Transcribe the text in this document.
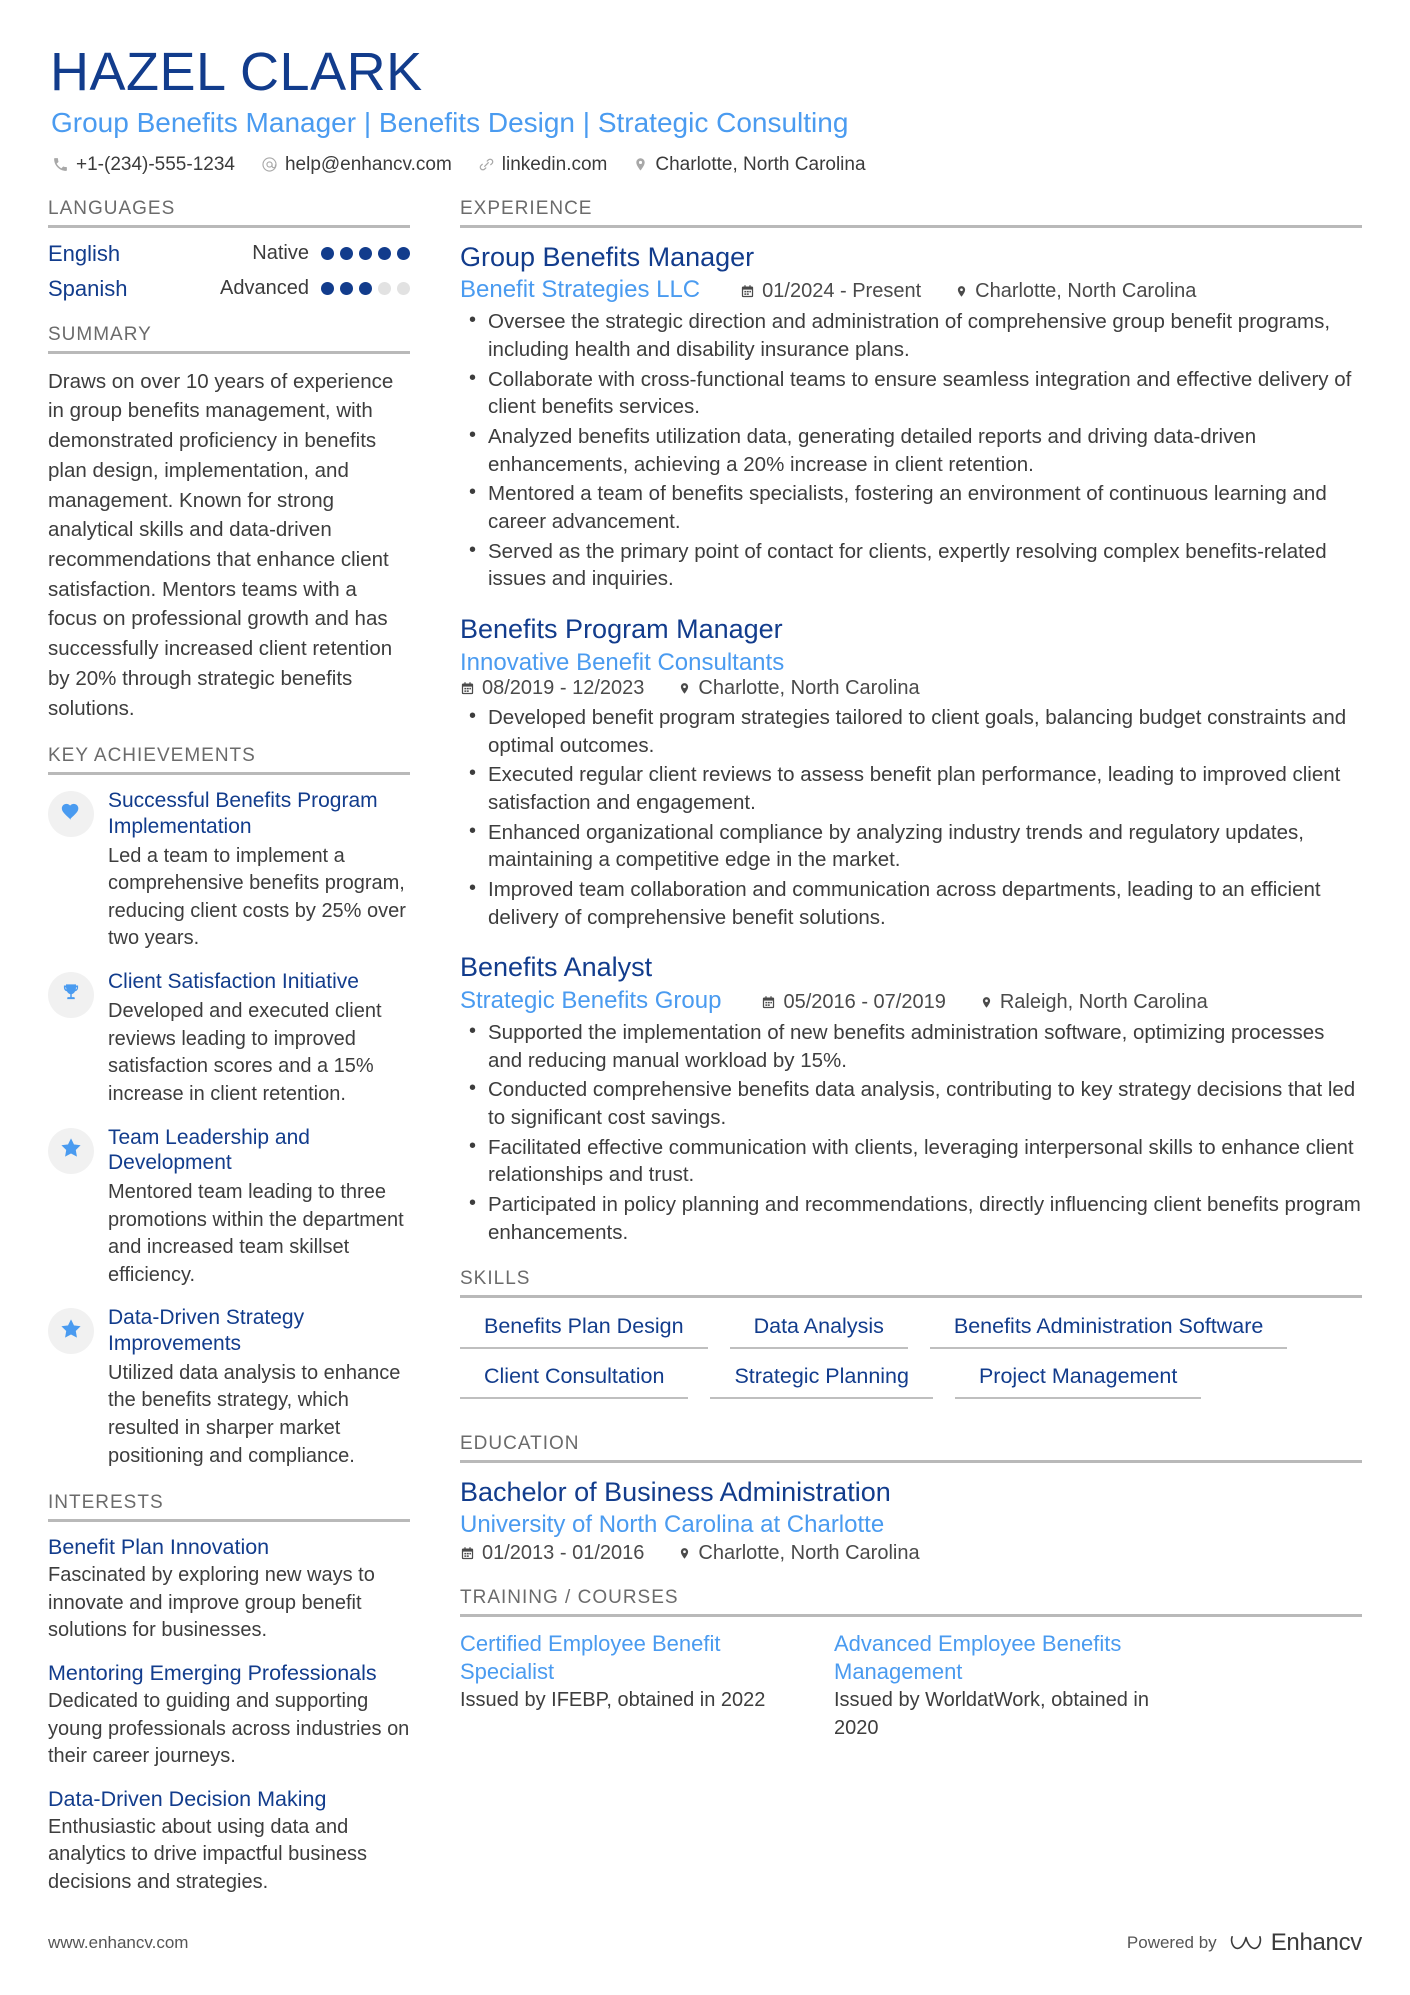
HAZEL CLARK
Group Benefits Manager | Benefits Design | Strategic Consulting
+1-(234)-555-1234	help@enhancv.com	linkedin.com	Charlotte, North Carolina
LANGUAGES
English	Native
Spanish	Advanced
SUMMARY
Draws on over 10 years of experience in group benefits management, with demonstrated proficiency in benefits plan design, implementation, and management. Known for strong analytical skills and data-driven recommendations that enhance client satisfaction. Mentors teams with a focus on professional growth and has successfully increased client retention by 20% through strategic benefits solutions.
KEY ACHIEVEMENTS
Successful Benefits Program Implementation
Led a team to implement a comprehensive benefits program, reducing client costs by 25% over two years.
Client Satisfaction Initiative
Developed and executed client reviews leading to improved satisfaction scores and a 15% increase in client retention.
Team Leadership and Development
Mentored team leading to three promotions within the department and increased team skillset efficiency.
Data-Driven Strategy Improvements
Utilized data analysis to enhance the benefits strategy, which resulted in sharper market positioning and compliance.
INTERESTS
Benefit Plan Innovation
Fascinated by exploring new ways to innovate and improve group benefit solutions for businesses.
Mentoring Emerging Professionals
Dedicated to guiding and supporting young professionals across industries on their career journeys.
Data-Driven Decision Making
Enthusiastic about using data and analytics to drive impactful business decisions and strategies.
EXPERIENCE
Group Benefits Manager
Benefit Strategies LLC	01/2024 - Present	Charlotte, North Carolina
• Oversee the strategic direction and administration of comprehensive group benefit programs, including health and disability insurance plans.
• Collaborate with cross-functional teams to ensure seamless integration and effective delivery of client benefits services.
• Analyzed benefits utilization data, generating detailed reports and driving data-driven enhancements, achieving a 20% increase in client retention.
• Mentored a team of benefits specialists, fostering an environment of continuous learning and career advancement.
• Served as the primary point of contact for clients, expertly resolving complex benefits-related issues and inquiries.
Benefits Program Manager
Innovative Benefit Consultants
08/2019 - 12/2023	Charlotte, North Carolina
• Developed benefit program strategies tailored to client goals, balancing budget constraints and optimal outcomes.
• Executed regular client reviews to assess benefit plan performance, leading to improved client satisfaction and engagement.
• Enhanced organizational compliance by analyzing industry trends and regulatory updates, maintaining a competitive edge in the market.
• Improved team collaboration and communication across departments, leading to an efficient delivery of comprehensive benefit solutions.
Benefits Analyst
Strategic Benefits Group	05/2016 - 07/2019	Raleigh, North Carolina
• Supported the implementation of new benefits administration software, optimizing processes and reducing manual workload by 15%.
• Conducted comprehensive benefits data analysis, contributing to key strategy decisions that led to significant cost savings.
• Facilitated effective communication with clients, leveraging interpersonal skills to enhance client relationships and trust.
• Participated in policy planning and recommendations, directly influencing client benefits program enhancements.
SKILLS
Benefits Plan Design	Data Analysis	Benefits Administration Software
Client Consultation	Strategic Planning	Project Management
EDUCATION
Bachelor of Business Administration
University of North Carolina at Charlotte
01/2013 - 01/2016	Charlotte, North Carolina
TRAINING / COURSES
Certified Employee Benefit Specialist
Issued by IFEBP, obtained in 2022
Advanced Employee Benefits Management
Issued by WorldatWork, obtained in 2020
www.enhancv.com	Powered by Enhancv
